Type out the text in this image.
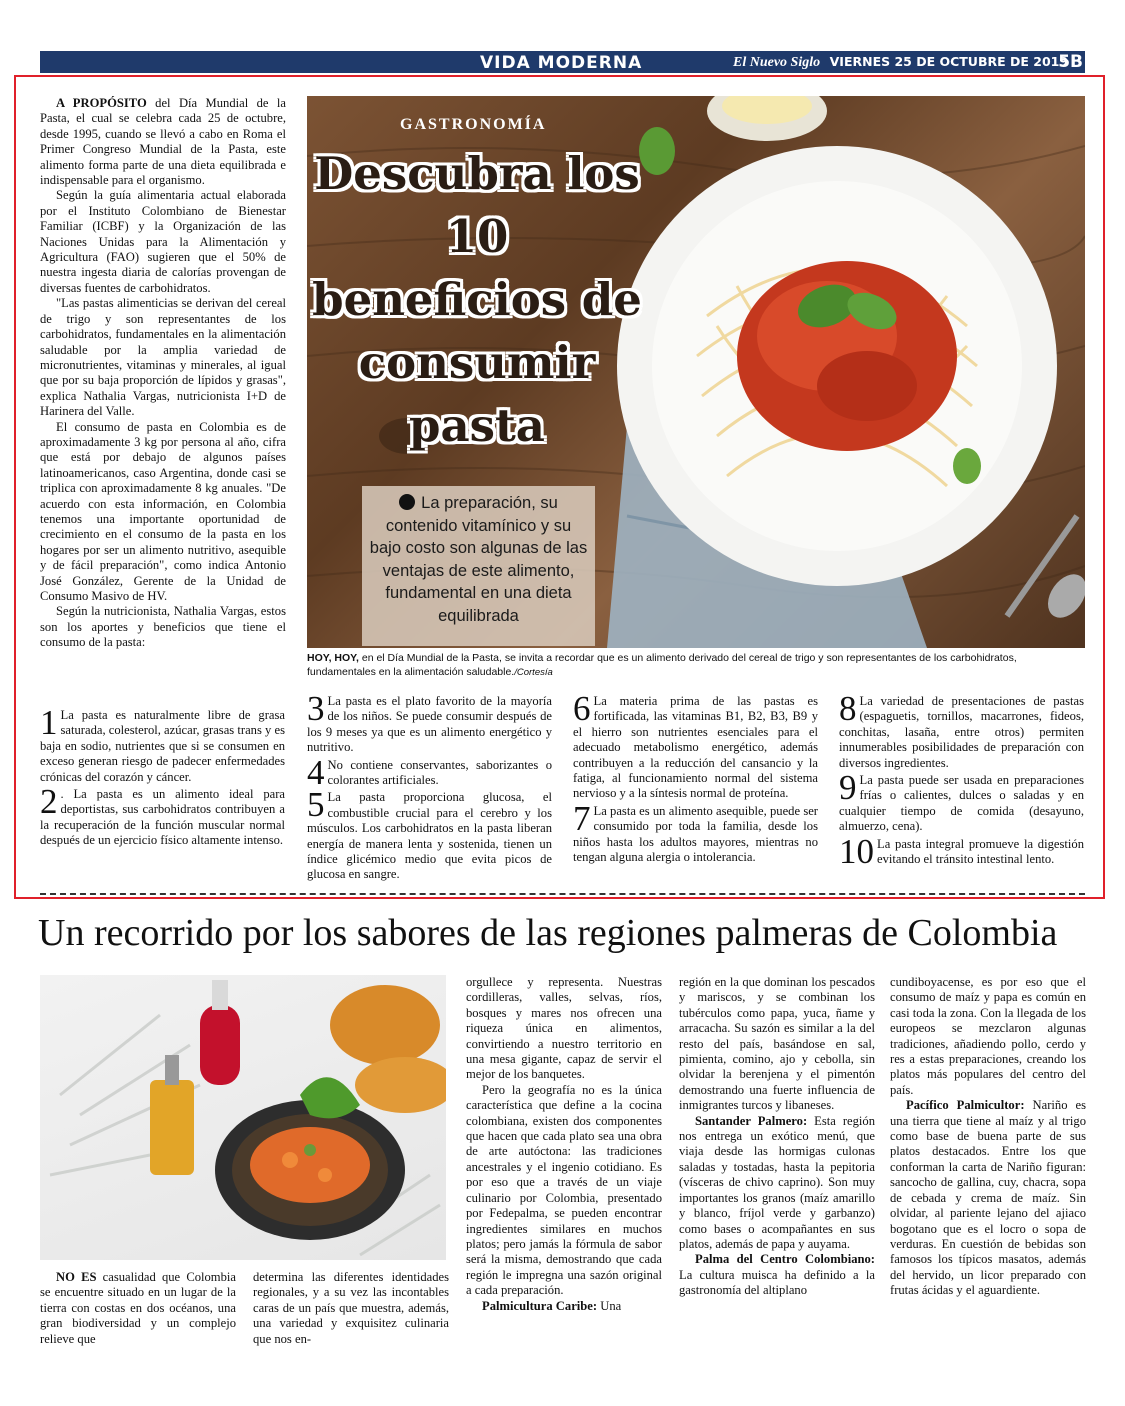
VIDA MODERNA	El Nuevo Siglo VIERNES 25 DE OCTUBRE DE 2019
5B

A PROPÓSITO del Día Mundial de la Pasta, el cual se celebra cada 25 de octubre, desde 1995, cuando se llevó a cabo en Roma el Primer Congreso Mundial de la Pasta, este alimento forma parte de una dieta equilibrada e indispensable para el organismo.

Según la guía alimentaria actual elaborada por el Instituto Colombiano de Bienestar Familiar (ICBF) y la Organización de las Naciones Unidas para la Alimentación y Agricultura (FAO) sugieren que el 50% de nuestra ingesta diaria de calorías provengan de diversas fuentes de carbohidratos.

"Las pastas alimenticias se derivan del cereal de trigo y son representantes de los carbohidratos, fundamentales en la alimentación saludable por la amplia variedad de micronutrientes, vitaminas y minerales, al igual que por su baja proporción de lípidos y grasas", explica Nathalia Vargas, nutricionista I+D de Harinera del Valle.

El consumo de pasta en Colombia es de aproximadamente 3 kg por persona al año, cifra que está por debajo de algunos países latinoamericanos, caso Argentina, donde casi se triplica con aproximadamente 8 kg anuales. "De acuerdo con esta información, en Colombia tenemos una importante oportunidad de crecimiento en el consumo de la pasta en los hogares por ser un alimento nutritivo, asequible y de fácil preparación", como indica Antonio José González, Gerente de la Unidad de Consumo Masivo de HV.

Según la nutricionista, Nathalia Vargas, estos son los aportes y beneficios que tiene el consumo de la pasta:

GASTRONOMÍA
Descubra los 10 beneficios de consumir pasta
La preparación, su contenido vitamínico y su bajo costo son algunas de las ventajas de este alimento, fundamental en una dieta equilibrada
HOY, HOY, en el Día Mundial de la Pasta, se invita a recordar que es un alimento derivado del cereal de trigo y son representantes de los carbohidratos, fundamentales en la alimentación saludable./Cortesía
1 La pasta es naturalmente libre de grasa saturada, colesterol, azúcar, grasas trans y es baja en sodio, nutrientes que si se consumen en exceso generan riesgo de padecer enfermedades crónicas del corazón y cáncer.

2 . La pasta es un alimento ideal para deportistas, sus carbohidratos contribuyen a la recuperación de la función muscular normal después de un ejercicio físico altamente intenso.

3 La pasta es el plato favorito de la mayoría de los niños. Se puede consumir después de los 9 meses ya que es un alimento energético y nutritivo.

4 No contiene conservantes, saborizantes o colorantes artificiales.

5 La pasta proporciona glucosa, el combustible crucial para el cerebro y los músculos. Los carbohidratos en la pasta liberan energía de manera lenta y sostenida, tienen un índice glicémico medio que evita picos de glucosa en sangre.

6 La materia prima de las pastas es fortificada, las vitaminas B1, B2, B3, B9 y el hierro son nutrientes esenciales para el adecuado metabolismo energético, además contribuyen a la reducción del cansancio y la fatiga, al funcionamiento normal del sistema nervioso y a la síntesis normal de proteína.

7 La pasta es un alimento asequible, puede ser consumido por toda la familia, desde los niños hasta los adultos mayores, mientras no tengan alguna alergia o intolerancia.

8 La variedad de presentaciones de pastas (espaguetis, tornillos, macarrones, fideos, conchitas, lasaña, entre otros) permiten innumerables posibilidades de preparación con diversos ingredientes.

9 La pasta puede ser usada en preparaciones frías o calientes, dulces o saladas y en cualquier tiempo de comida (desayuno, almuerzo, cena).

10 La pasta integral promueve la digestión evitando el tránsito intestinal lento.

Un recorrido por los sabores de las regiones palmeras de Colombia

orgullece y representa. Nuestras cordilleras, valles, selvas, ríos, bosques y mares nos ofrecen una riqueza única en alimentos, convirtiendo a nuestro territorio en una mesa gigante, capaz de servir el mejor de los banquetes.

Pero la geografía no es la única característica que define a la cocina colombiana, existen dos componentes que hacen que cada plato sea una obra de arte autóctona: las tradiciones ancestrales y el ingenio cotidiano. Es por eso que a través de un viaje culinario por Colombia, presentado por Fedepalma, se pueden encontrar ingredientes similares en muchos platos; pero jamás la fórmula de sabor será la misma, demostrando que cada región le impregna una sazón original a cada preparación.

Palmicultura Caribe: Una

región en la que dominan los pescados y mariscos, y se combinan los tubérculos como papa, yuca, ñame y arracacha. Su sazón es similar a la del resto del país, basándose en sal, pimienta, comino, ajo y cebolla, sin olvidar la berenjena y el pimentón demostrando una fuerte influencia de inmigrantes turcos y libaneses.

Santander Palmero: Esta región nos entrega un exótico menú, que viaja desde las hormigas culonas saladas y tostadas, hasta la pepitoria (vísceras de chivo caprino). Son muy importantes los granos (maíz amarillo y blanco, fríjol verde y garbanzo) como bases o acompañantes en sus platos, además de papa y auyama.

Palma del Centro Colombiano: La cultura muisca ha definido a la gastronomía del altiplano

cundiboyacense, es por eso que el consumo de maíz y papa es común en casi toda la zona. Con la llegada de los europeos se mezclaron algunas tradiciones, añadiendo pollo, cerdo y res a estas preparaciones, creando los platos más populares del centro del país.

Pacífico Palmicultor: Nariño es una tierra que tiene al maíz y al trigo como base de buena parte de sus platos destacados. Entre los que conforman la carta de Nariño figuran: sancocho de gallina, cuy, chacra, sopa de cebada y crema de maíz. Sin olvidar, al pariente lejano del ajiaco bogotano que es el locro o sopa de verduras. En cuestión de bebidas son famosos los típicos masatos, además del hervido, un licor preparado con frutas ácidas y el aguardiente.

NO ES casualidad que Colombia se encuentre situado en un lugar de la tierra con costas en dos océanos, una gran biodiversidad y un complejo relieve que

determina las diferentes identidades regionales, y a su vez las incontables caras de un país que muestra, además, una variedad y exquisitez culinaria que nos en-
